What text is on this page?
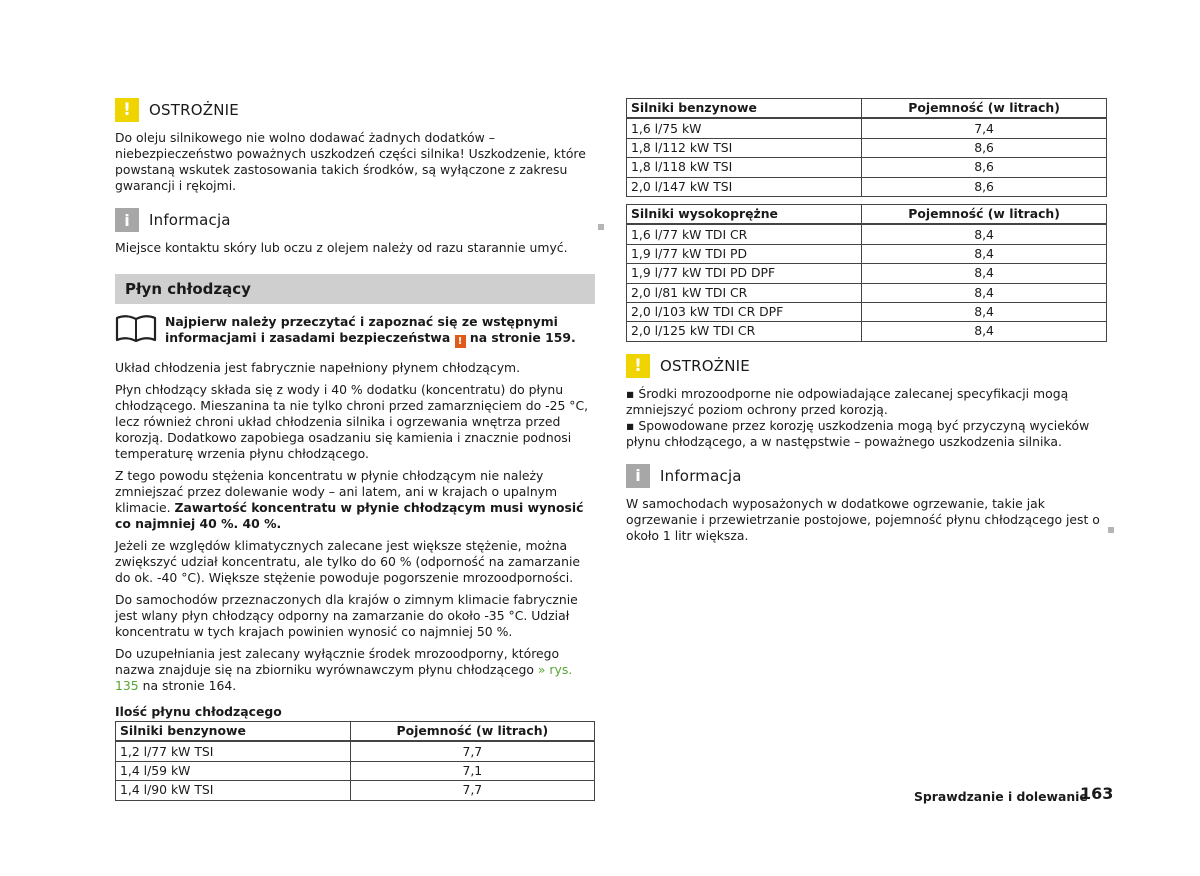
!	OSTROŻNIE

Do oleju silnikowego nie wolno dodawać żadnych dodatków – niebezpieczeństwo poważnych uszkodzeń części silnika! Uszkodzenie, które powstaną wskutek zastosowania takich środków, są wyłączone z zakresu gwarancji i rękojmi.

i	Informacja

Miejsce kontaktu skóry lub oczu z olejem należy od razu starannie umyć.

Płyn chłodzący

Najpierw należy przeczytać i zapoznać się ze wstępnymi informacjami i zasadami bezpieczeństwa ! na stronie 159.

Układ chłodzenia jest fabrycznie napełniony płynem chłodzącym.

Płyn chłodzący składa się z wody i 40 % dodatku (koncentratu) do płynu chłodzącego. Mieszanina ta nie tylko chroni przed zamarznięciem do -25 °C, lecz również chroni układ chłodzenia silnika i ogrzewania wnętrza przed korozją. Dodatkowo zapobiega osadzaniu się kamienia i znacznie podnosi temperaturę wrzenia płynu chłodzącego.

Z tego powodu stężenia koncentratu w płynie chłodzącym nie należy zmniejszać przez dolewanie wody – ani latem, ani w krajach o upalnym klimacie. Zawartość koncentratu w płynie chłodzącym musi wynosić co najmniej 40 %. 40 %.

Jeżeli ze względów klimatycznych zalecane jest większe stężenie, można zwiększyć udział koncentratu, ale tylko do 60 % (odporność na zamarzanie do ok. -40 °C). Większe stężenie powoduje pogorszenie mrozoodporności.

Do samochodów przeznaczonych dla krajów o zimnym klimacie fabrycznie jest wlany płyn chłodzący odporny na zamarzanie do około -35 °C. Udział koncentratu w tych krajach powinien wynosić co najmniej 50 %.

Do uzupełniania jest zalecany wyłącznie środek mrozoodporny, którego nazwa znajduje się na zbiorniku wyrównawczym płynu chłodzącego » rys. 135 na stronie 164.

Ilość płynu chłodzącego
Silniki benzynowe	Pojemność (w litrach)
1,2 l/77 kW TSI	7,7
1,4 l/59 kW	7,1
1,4 l/90 kW TSI	7,7
Silniki benzynowe	Pojemność (w litrach)
1,6 l/75 kW	7,4
1,8 l/112 kW TSI	8,6
1,8 l/118 kW TSI	8,6
2,0 l/147 kW TSI	8,6
Silniki wysokoprężne	Pojemność (w litrach)
1,6 l/77 kW TDI CR	8,4
1,9 l/77 kW TDI PD	8,4
1,9 l/77 kW TDI PD DPF	8,4
2,0 l/81 kW TDI CR	8,4
2,0 l/103 kW TDI CR DPF	8,4
2,0 l/125 kW TDI CR	8,4
!	OSTROŻNIE

▪ Środki mrozoodporne nie odpowiadające zalecanej specyfikacji mogą zmniejszyć poziom ochrony przed korozją.

▪ Spowodowane przez korozję uszkodzenia mogą być przyczyną wycieków płynu chłodzącego, a w następstwie – poważnego uszkodzenia silnika.

i	Informacja

W samochodach wyposażonych w dodatkowe ogrzewanie, takie jak ogrzewanie i przewietrzanie postojowe, pojemność płynu chłodzącego jest o około 1 litr większa.

Sprawdzanie i dolewanie
163
